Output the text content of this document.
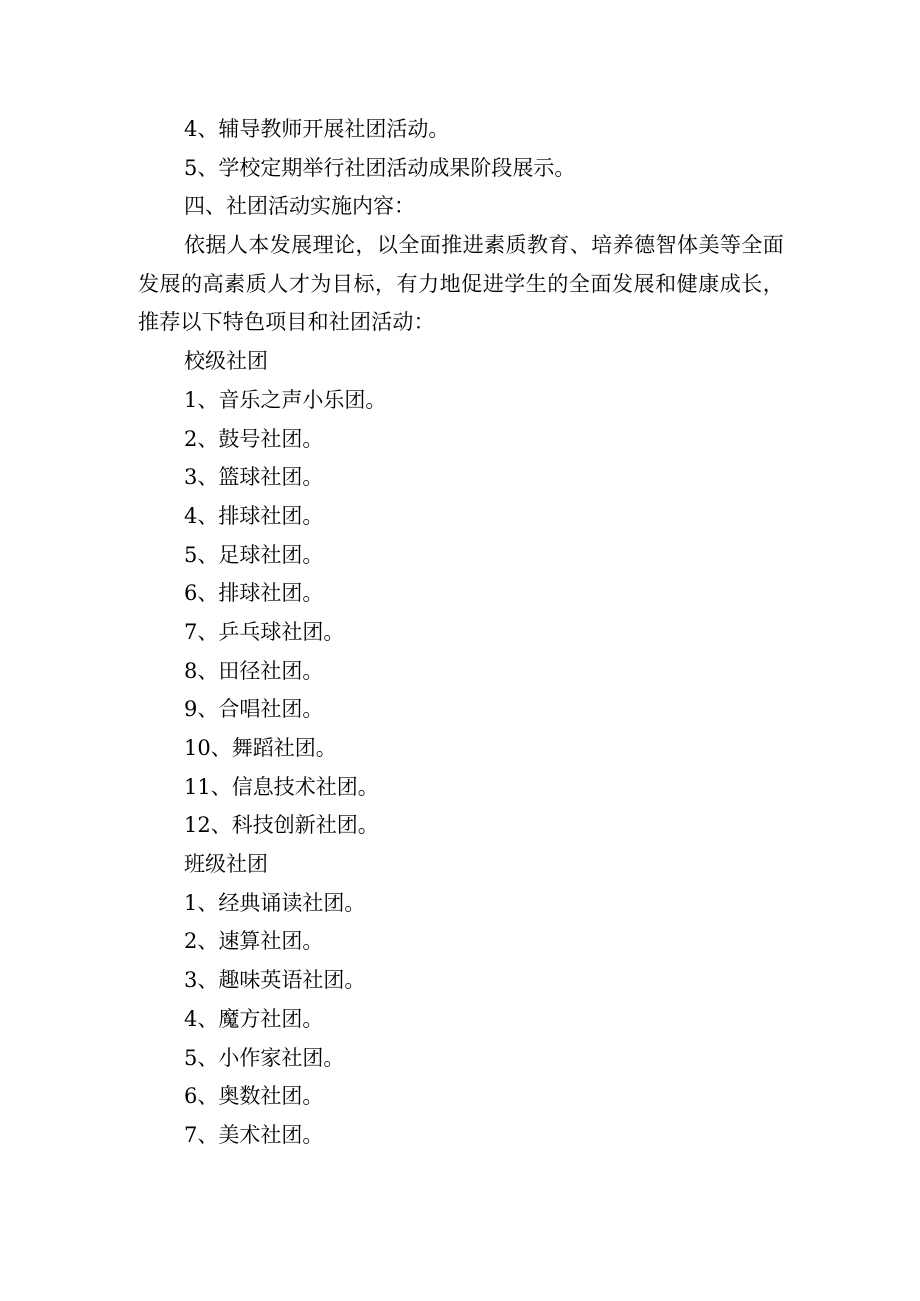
4、辅导教师开展社团活动。

5、学校定期举行社团活动成果阶段展示。

四、社团活动实施内容：

依据人本发展理论，以全面推进素质教育、培养德智体美等全面发展的高素质人才为目标，有力地促进学生的全面发展和健康成长，推荐以下特色项目和社团活动：

校级社团

1、音乐之声小乐团。

2、鼓号社团。

3、篮球社团。

4、排球社团。

5、足球社团。

6、排球社团。

7、乒乓球社团。

8、田径社团。

9、合唱社团。

10、舞蹈社团。

11、信息技术社团。

12、科技创新社团。

班级社团

1、经典诵读社团。

2、速算社团。

3、趣味英语社团。

4、魔方社团。

5、小作家社团。

6、奥数社团。

7、美术社团。
